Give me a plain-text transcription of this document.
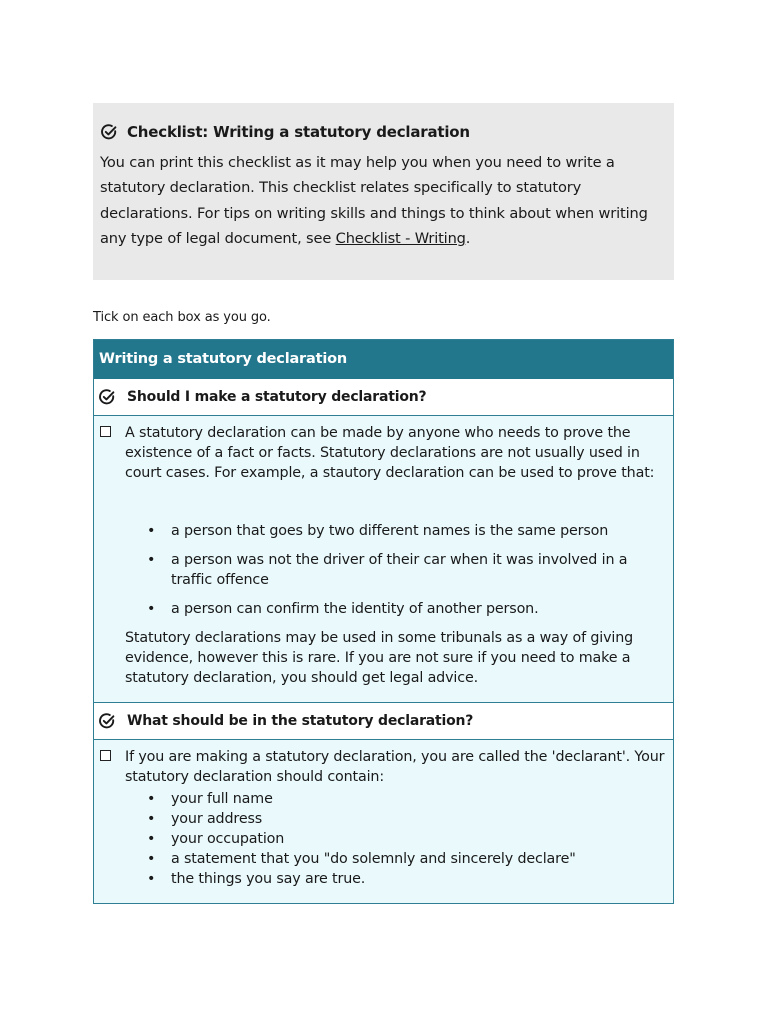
Checklist: Writing a statutory declaration

You can print this checklist as it may help you when you need to write a statutory declaration. This checklist relates specifically to statutory declarations. For tips on writing skills and things to think about when writing any type of legal document, see Checklist - Writing.

Tick on each box as you go.
Writing a statutory declaration
Should I make a statutory declaration?

A statutory declaration can be made by anyone who needs to prove the existence of a fact or facts. Statutory declarations are not usually used in court cases. For example, a stautory declaration can be used to prove that:

• a person that goes by two different names is the same person
• a person was not the driver of their car when it was involved in a traffic offence
• a person can confirm the identity of another person.

Statutory declarations may be used in some tribunals as a way of giving evidence, however this is rare. If you are not sure if you need to make a statutory declaration, you should get legal advice.

What should be in the statutory declaration?

If you are making a statutory declaration, you are called the 'declarant'. Your statutory declaration should contain:

• your full name
• your address
• your occupation
• a statement that you "do solemnly and sincerely declare"
• the things you say are true.
